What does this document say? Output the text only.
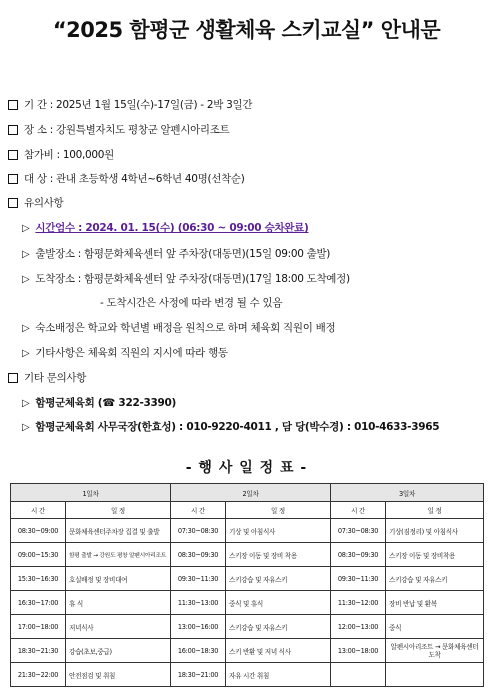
“2025 함평군 생활체육 스키교실” 안내문
기 간 : 2025년 1월 15일(수)-17일(금) - 2박 3일간
장 소 : 강원특별자치도 평창군 알펜시아리조트
참가비 : 100,000원
대 상 : 관내 초등학생 4학년~6학년 40명(선착순)
유의사항
▷ 시간엄수 : 2024. 01. 15(수) (06:30 ~ 09:00 승차완료)
▷ 출발장소 : 함평문화체육센터 앞 주차장(대동면)(15일 09:00 출발)
▷ 도착장소 : 함평문화체육센터 앞 주차장(대동면)(17일 18:00 도착예정)
- 도착시간은 사정에 따라 변경 될 수 있음
▷ 숙소배정은 학교와 학년별 배정을 원칙으로 하며 체육회 직원이 배정
▷ 기타사항은 체육회 직원의 지시에 따라 행동
기타 문의사항
▷ 함평군체육회 (☎ 322-3390)
▷ 함평군체육회 사무국장(한효성) : 010-9220-4011 , 담 당(박수경) : 010-4633-3965
- 행 사 일 정 표 -
1일차		2일차		3일차	
시 간	일 정	시 간	일 정	시 간	일 정
08:30~09:00	문화체육센터주차장 집결 및 출발	07:30~08:30	기상 및 아침식사	07:30~08:30	기상(짐정리) 및 아침식사
09:00~15:30	함평 출발 → 강원도 평창 알펜시아리조트	08:30~09:30	스키장 이동 및 장비 착용	08:30~09:30	스키장 이동 및 장비착용
15:30~16:30	호실배정 및 장비대여	09:30~11:30	스키강습 및 자유스키	09:30~11:30	스키강습 및 자유스키
16:30~17:00	휴 식	11:30~13:00	중식 및 휴식	11:30~12:00	장비 반납 및 환복
17:00~18:00	저녁식사	13:00~16:00	스키강습 및 자유스키	12:00~13:00	중식
18:30~21:30	강습(초보,중급)	16:00~18:30	스키 반환 및 저녁 식사	13:00~18:00	알펜시아리조트 → 문화체육센터 도착
21:30~22:00	안전점검 및 취침	18:30~21:00	자유 시간 취침		
